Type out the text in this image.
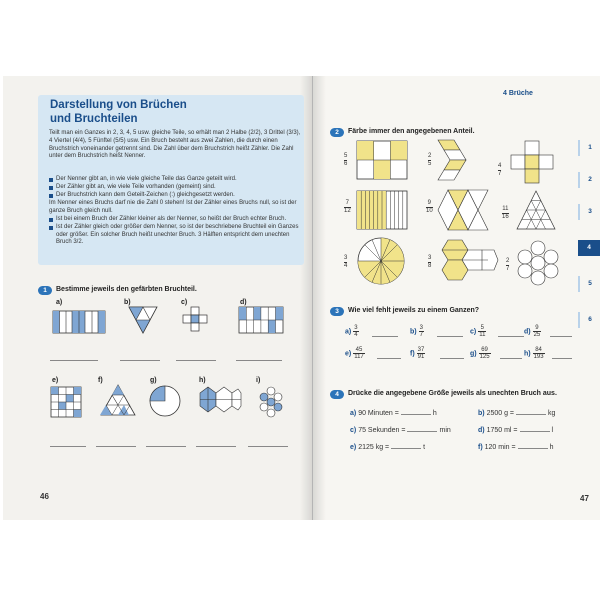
Darstellung von Brüchen
und Bruchteilen
Teilt man ein Ganzes in 2, 3, 4, 5 usw. gleiche Teile, so erhält man 2 Halbe (2/2), 3 Drittel (3/3), 4 Viertel (4/4), 5 Fünftel (5/5) usw. Ein Bruch besteht aus zwei Zahlen, die durch einen Bruchstrich voneinander getrennt sind. Die Zahl über dem Bruchstrich heißt Zähler. Die Zahl unter dem Bruchstrich heißt Nenner.
Der Nenner gibt an, in wie viele gleiche Teile das Ganze geteilt wird.
Der Zähler gibt an, wie viele Teile vorhanden (gemeint) sind.
Der Bruchstrich kann dem Geteilt-Zeichen (:) gleichgesetzt werden.
Im Nenner eines Bruchs darf nie die Zahl 0 stehen! Ist der Zähler eines Bruchs null, so ist der ganze Bruch gleich null.
Ist bei einem Bruch der Zähler kleiner als der Nenner, so heißt der Bruch echter Bruch.
Ist der Zähler gleich oder größer dem Nenner, so ist der beschriebene Bruchteil ein Ganzes oder größer. Ein solcher Bruch heißt unechter Bruch. 3 Hälften entspricht dem unechten Bruch 3/2.
1	Bestimme jeweils den gefärbten Bruchteil.
a)	b)	c)	d)
e)	f)	g)	h)	i)
46
4 Brüche
1
2
3
4
5
6
2	Färbe immer den angegebenen Anteil.
5
6
2
5	4
7
7
12
9
10	11
16
3
4
3
8
2
7
3	Wie viel fehlt jeweils zu einem Ganzen?
$a) \frac{3}{4}$	$b) \frac{3}{7}$	$c) \frac{5}{11}$	$d) \frac{9}{25}$
$e) \frac{45}{117}$	$f) \frac{37}{91}$	$g) \frac{69}{125}$	$h) \frac{84}{193}$
4	Drücke die angegebene Größe jeweils als unechten Bruch aus.
a) 90 Minuten =	h	b) 2500 g =	kg
c) 75 Sekunden =	min	d) 1750 ml =	l
e) 2125 kg =	t	f) 120 min =	h
47
